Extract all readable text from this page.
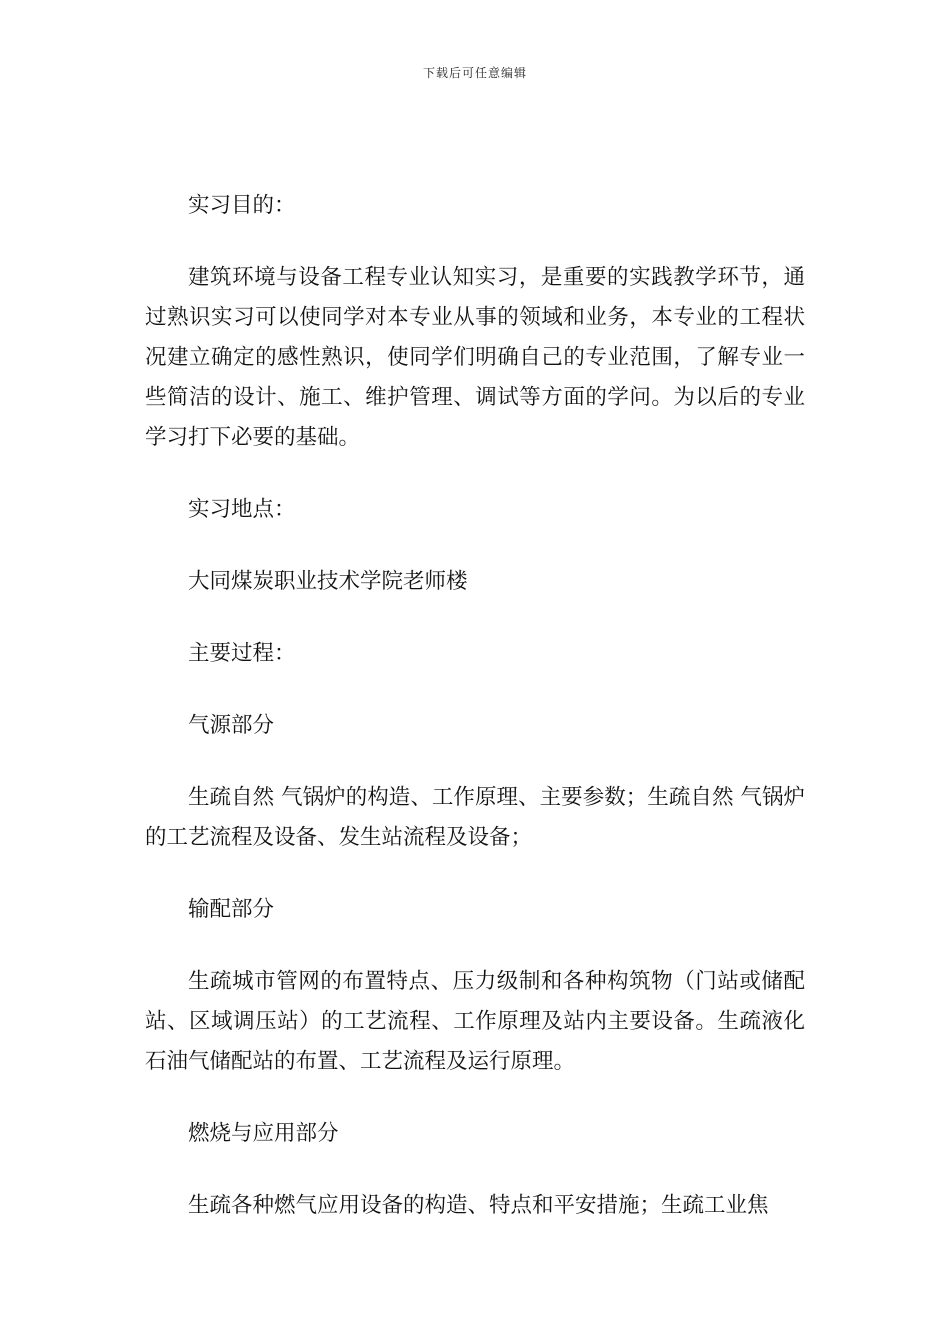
下载后可任意编辑

实习目的：

建筑环境与设备工程专业认知实习，是重要的实践教学环节，通过熟识实习可以使同学对本专业从事的领域和业务，本专业的工程状况建立确定的感性熟识，使同学们明确自己的专业范围，了解专业一些简洁的设计、施工、维护管理、调试等方面的学问。为以后的专业学习打下必要的基础。

实习地点：

大同煤炭职业技术学院老师楼

主要过程：

气源部分

生疏自然 气锅炉的构造、工作原理、主要参数；生疏自然 气锅炉的工艺流程及设备、发生站流程及设备；

输配部分

生疏城市管网的布置特点、压力级制和各种构筑物（门站或储配站、区域调压站）的工艺流程、工作原理及站内主要设备。生疏液化石油气储配站的布置、工艺流程及运行原理。

燃烧与应用部分

生疏各种燃气应用设备的构造、特点和平安措施；生疏工业焦
